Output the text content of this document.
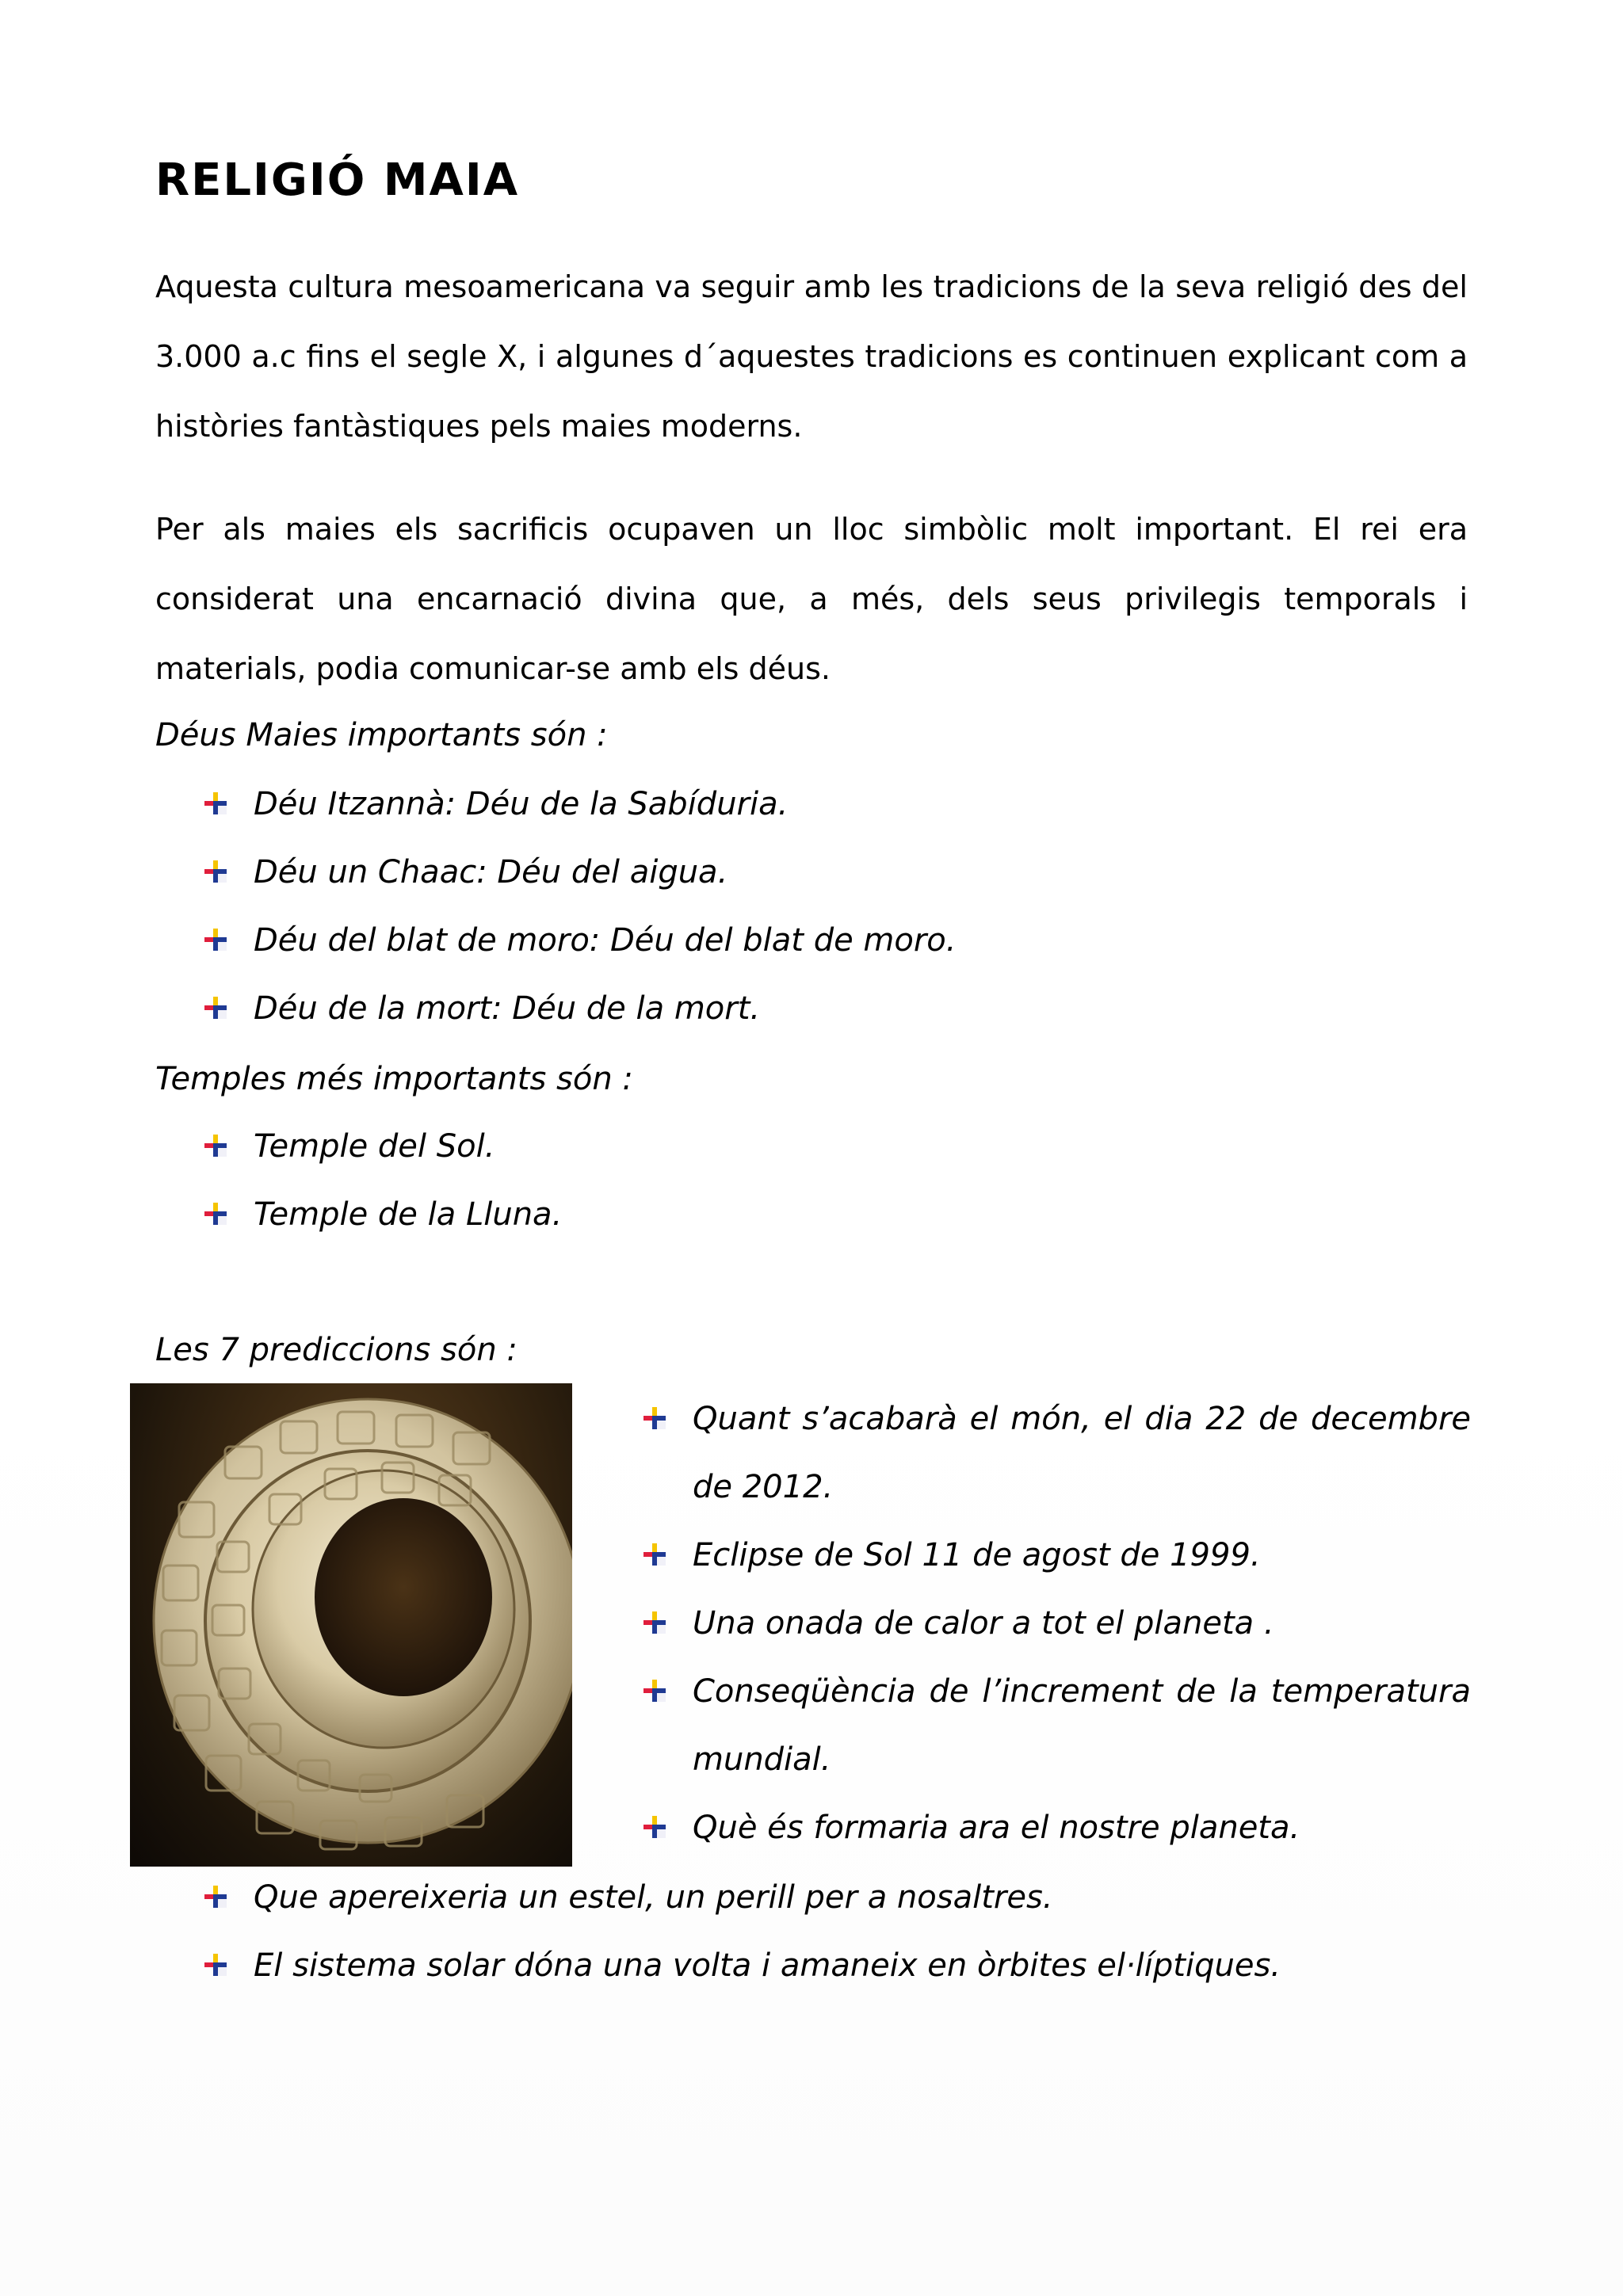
RELIGIÓ MAIA
Aquesta cultura mesoamericana va seguir amb les tradicions de la seva religió des del 3.000 a.c fins el segle X, i algunes d´aquestes tradicions es continuen explicant com a històries fantàstiques pels maies moderns.
Per als maies els sacrificis ocupaven un lloc simbòlic molt important. El rei era considerat una encarnació divina que, a més, dels seus privilegis temporals i materials, podia comunicar-se amb els déus.
Déus Maies importants són :
Déu Itzannà: Déu de la Sabíduria.
Déu un Chaac: Déu del aigua.
Déu del blat de moro: Déu del blat de moro.
Déu de la mort: Déu de la mort.
Temples més importants són :
Temple del Sol.
Temple de la Lluna.
Les 7 prediccions són :
Quant s’acabarà el món, el dia 22 de decembre de 2012.
Eclipse de Sol 11 de agost de 1999.
Una onada de calor a tot el planeta .
Conseqüència de l’increment de la temperatura mundial.
Què és formaria ara el nostre planeta.
Que apereixeria un estel, un perill per a nosaltres.
El sistema solar dóna una volta i amaneix en òrbites el·líptiques.
